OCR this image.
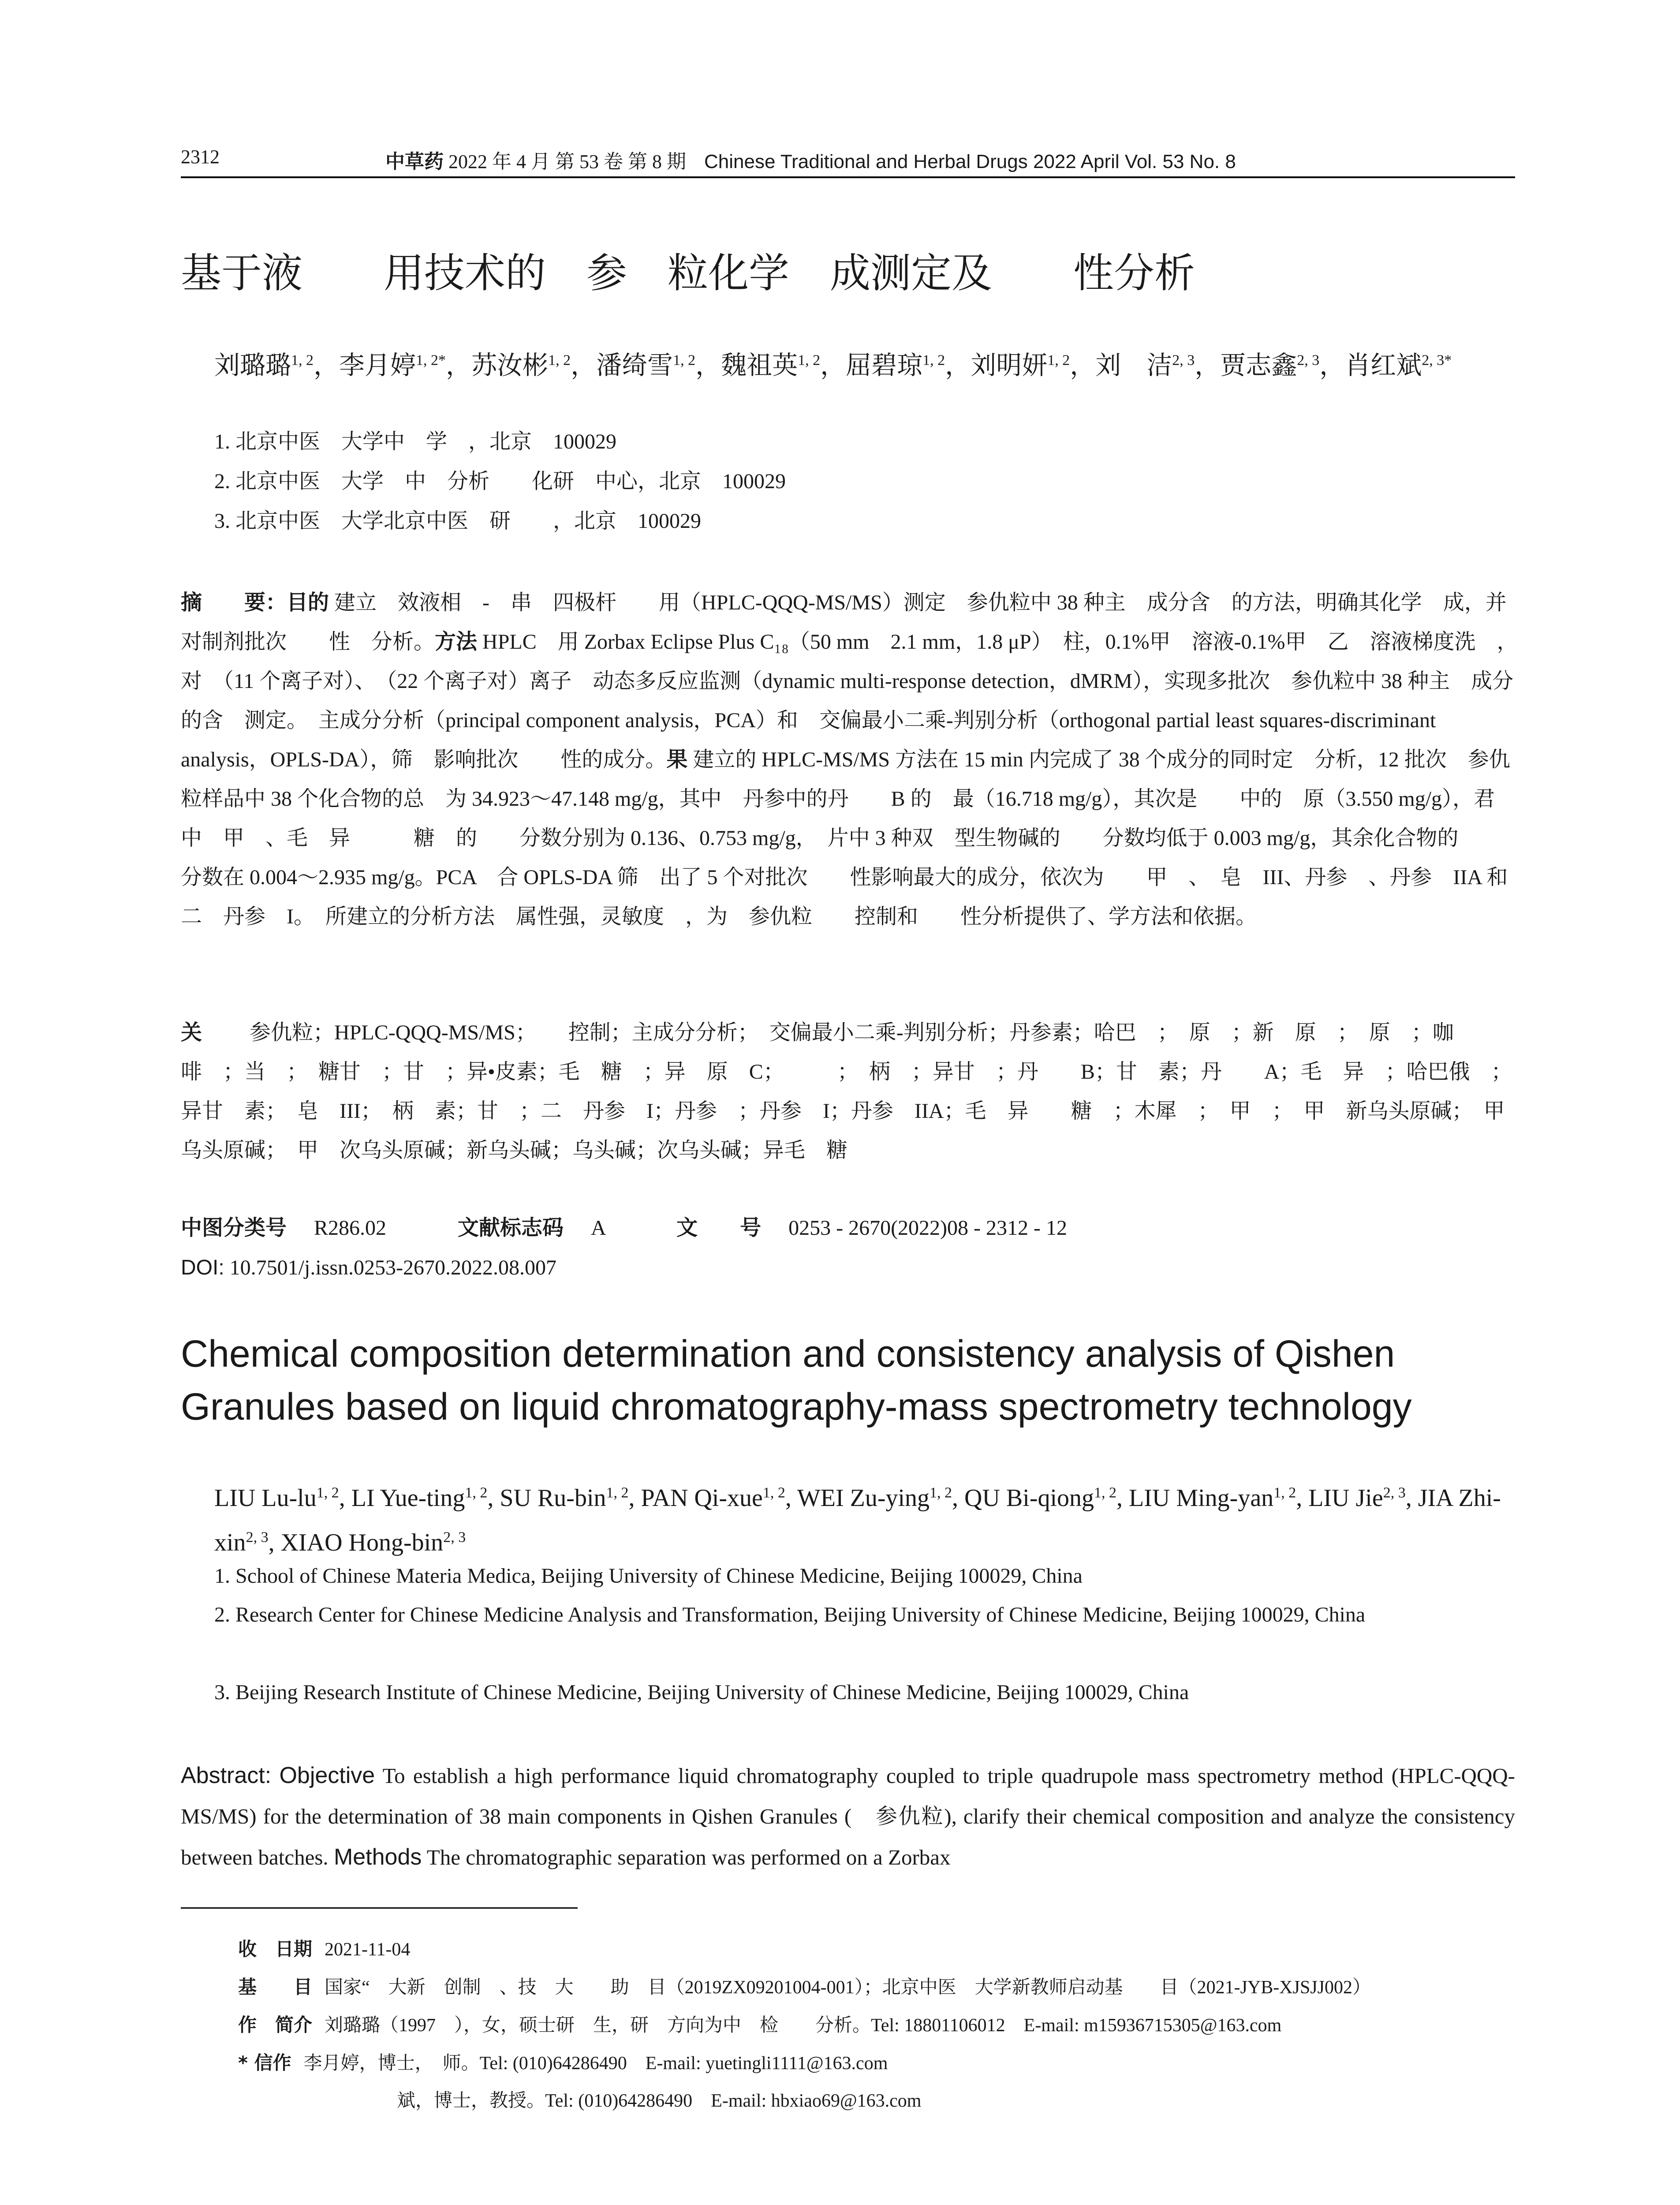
2312	中草药 2022 年 4 月 第 53 卷 第 8 期 Chinese Traditional and Herbal Drugs 2022 April Vol. 53 No. 8
基于液　　用技术的　参　粒化学　成测定及　　性分析
刘璐璐$^{1, 2}$，李月婷$^{1, 2*}$，苏汝彬$^{1, 2}$，潘绮雪$^{1, 2}$，魏祖英$^{1, 2}$，屈碧琼$^{1, 2}$，刘明妍$^{1, 2}$，刘　洁$^{2, 3}$，贾志鑫$^{2, 3}$，肖红斌$^{2, 3*}$
1. 北京中医　大学中　学　，北京　100029
2. 北京中医　大学　中　分析　　化研　中心，北京　100029
3. 北京中医　大学北京中医　研　　，北京　100029
摘　　要：目的 建立　效液相　-　串　四极杆　　用（HPLC-QQQ-MS/MS）测定　参仇粒中 38 种主　成分含　的方法，明确其化学　成，并对制剂批次　　性　分析。方法 HPLC　用 Zorbax Eclipse Plus C₁₈（50 mm　2.1 mm，1.8 μP）　柱，0.1%甲　溶液-0.1%甲　乙　溶液梯度洗　，　对　（11 个离子对）、　（22 个离子对）离子　动态多反应监测（dynamic multi-response detection，dMRM），实现多批次　参仇粒中 38 种主　成分的含　测定。　主成分分析（principal component analysis，PCA）和　交偏最小二乘-判别分析（orthogonal partial least squares-discriminant analysis，OPLS-DA），筛　影响批次　　性的成分。果 建立的 HPLC-MS/MS 方法在 15 min 内完成了 38 个成分的同时定　分析，12 批次　参仇粒样品中 38 个化合物的总　为 34.923～47.148 mg/g，其中　丹参中的丹　　B 的　最（16.718 mg/g），其次是　　中的　原（3.550 mg/g），君　　中　甲　、毛　异　　　糖　的　　分数分别为 0.136、0.753 mg/g，　片中 3 种双　型生物碱的　　分数均低于 0.003 mg/g，其余化合物的　　分数在 0.004～2.935 mg/g。PCA　合 OPLS-DA 筛　出了 5 个对批次　　性影响最大的成分，依次为　　甲　、　皂　III、丹参　、丹参　IIA 和二　丹参　I。　所建立的分析方法　属性强，灵敏度　，为　参仇粒　　控制和　　性分析提供了、学方法和依据。
关　　 参仇粒；HPLC-QQQ-MS/MS；　　控制；主成分分析；　交偏最小二乘-判别分析；丹参素；哈巴　；　原　；新　原　；　原　；咖啡　；当　；　糖甘　；甘　；异•皮素；毛　糖　；异　原　C；　　　；　柄　；异甘　；丹　　B；甘　素；丹　　A；毛　异　；哈巴俄　；异甘　素；　皂　III；　柄　素；甘　；二　丹参　I；丹参　；丹参　I；丹参　IIA；毛　异　　糖　；木犀　；　甲　；　甲　新乌头原碱；　甲　乌头原碱；　甲　次乌头原碱；新乌头碱；乌头碱；次乌头碱；异毛　糖
中图分类号 R286.02	文献标志码 A	文　　号 0253 - 2670(2022)08 - 2312 - 12
DOI: 10.7501/j.issn.0253-2670.2022.08.007
Chemical composition determination and consistency analysis of Qishen Granules based on liquid chromatography-mass spectrometry technology
LIU Lu-lu$^{1, 2}$, LI Yue-ting$^{1, 2}$, SU Ru-bin$^{1, 2}$, PAN Qi-xue$^{1, 2}$, WEI Zu-ying$^{1, 2}$, QU Bi-qiong$^{1, 2}$, LIU Ming-yan$^{1, 2}$, LIU Jie$^{2, 3}$, JIA Zhi-xin$^{2, 3}$, XIAO Hong-bin$^{2, 3}$
1. School of Chinese Materia Medica, Beijing University of Chinese Medicine, Beijing 100029, China
2. Research Center for Chinese Medicine Analysis and Transformation, Beijing University of Chinese Medicine, Beijing 100029, China
3. Beijing Research Institute of Chinese Medicine, Beijing University of Chinese Medicine, Beijing 100029, China
Abstract: Objective To establish a high performance liquid chromatography coupled to triple quadrupole mass spectrometry method (HPLC-QQQ-MS/MS) for the determination of 38 main components in Qishen Granules (　参仇粒), clarify their chemical composition and analyze the consistency between batches. Methods The chromatographic separation was performed on a Zorbax
收　日期 2021-11-04
基　　目 国家“　大新　创制　、技　大　　助　目（2019ZX09201004-001）；北京中医　大学新教师启动基　　目（2021-JYB-XJSJJ002）
作　简介 刘璐璐（1997　），女，硕士研　生，研　方向为中　检　　分析。Tel: 18801106012　E-mail: m15936715305@163.com
* 信作 李月婷，博士，　师。Tel: (010)64286490　E-mail: yuetingli1111@163.com
斌，博士，教授。Tel: (010)64286490　E-mail: hbxiao69@163.com
